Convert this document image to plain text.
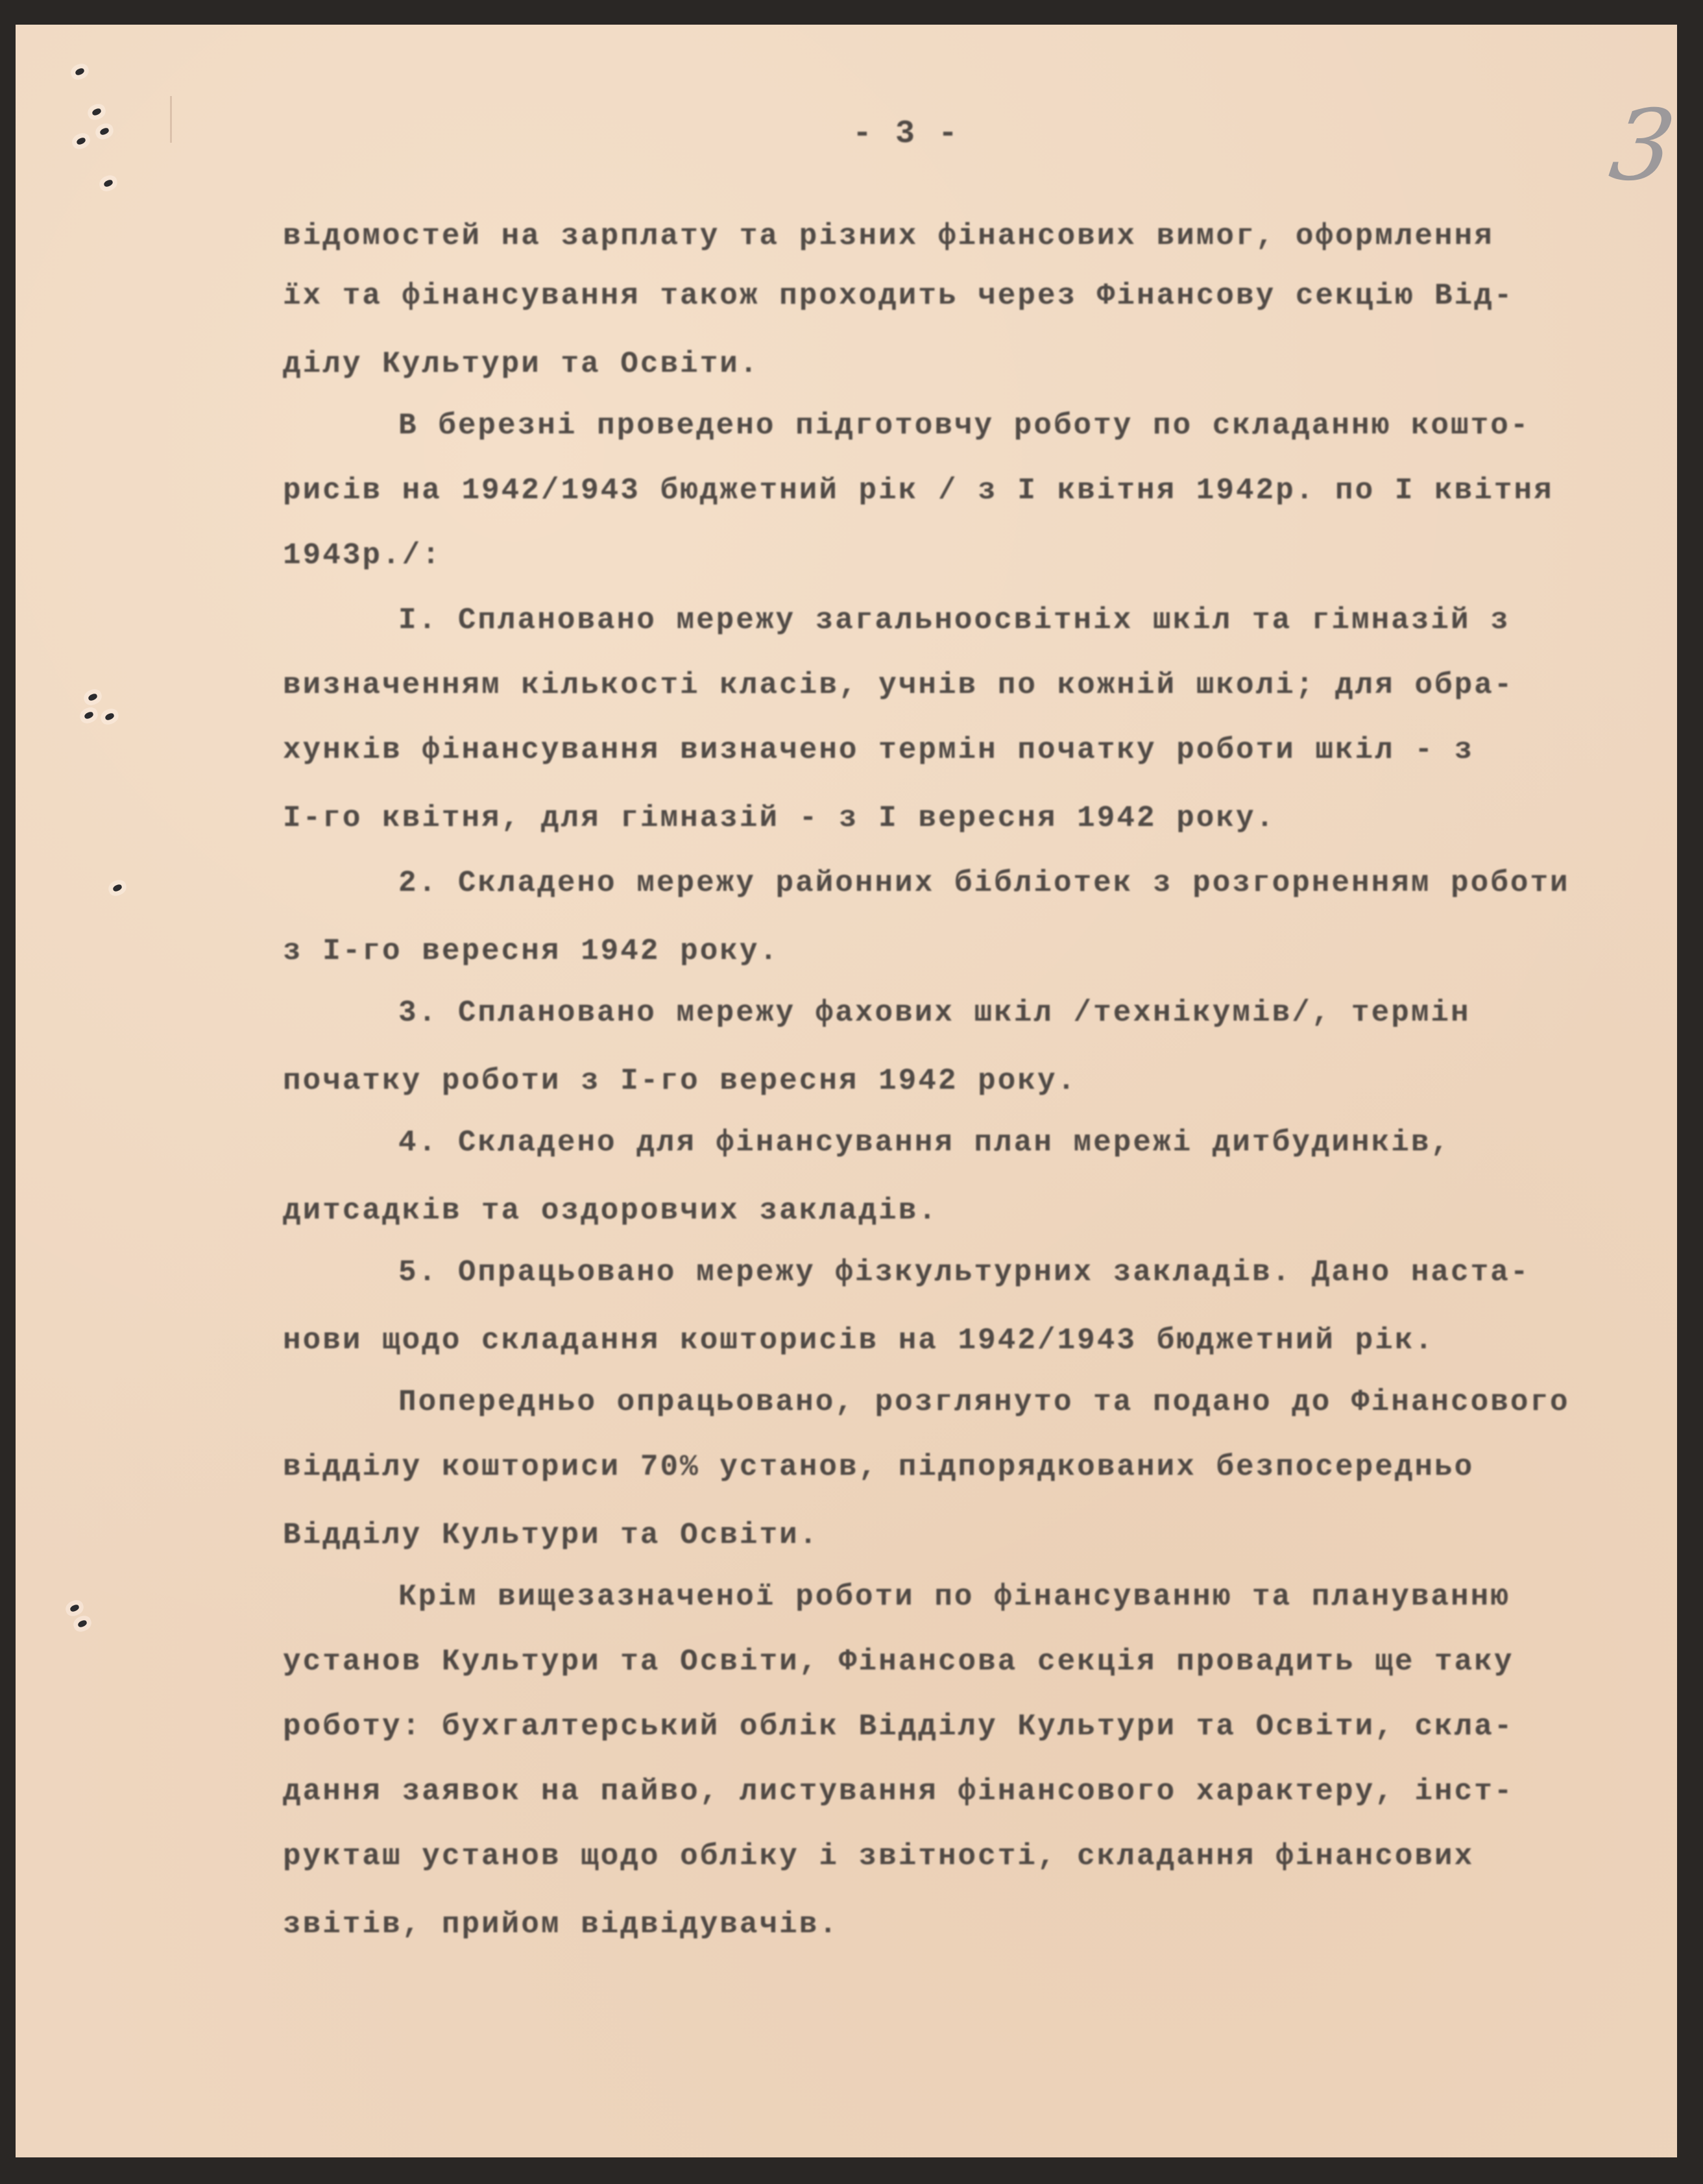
- 3 -	3
відомостей на зарплату та різних фінансових вимог, оформлення
їх та фінансування також проходить через Фінансову секцію Від-
ділу Культури та Освіти.
В березні проведено підготовчу роботу по складанню кошто-
рисів на 1942/1943 бюджетний рік / з I квітня 1942р. по I квітня
1943р./:
I. Сплановано мережу загальноосвітніх шкіл та гімназій з
визначенням кількості класів, учнів по кожній школі; для обра-
хунків фінансування визначено термін початку роботи шкіл - з
I-го квітня, для гімназій - з I вересня 1942 року.
2. Складено мережу районних бібліотек з розгорненням роботи
з I-го вересня 1942 року.
3. Сплановано мережу фахових шкіл /технікумів/, термін
початку роботи з I-го вересня 1942 року.
4. Складено для фінансування план мережі дитбудинків,
дитсадків та оздоровчих закладів.
5. Опрацьовано мережу фізкультурних закладів. Дано наста-
нови щодо складання кошторисів на 1942/1943 бюджетний рік.
Попередньо опрацьовано, розглянуто та подано до Фінансового
відділу кошториси 70% установ, підпорядкованих безпосередньо
Відділу Культури та Освіти.
Крім вищезазначеної роботи по фінансуванню та плануванню
установ Культури та Освіти, Фінансова секція провадить ще таку
роботу: бухгалтерський облік Відділу Культури та Освіти, скла-
дання заявок на пайво, листування фінансового характеру, інст-
рукташ установ щодо обліку і звітності, складання фінансових
звітів, прийом відвідувачів.
